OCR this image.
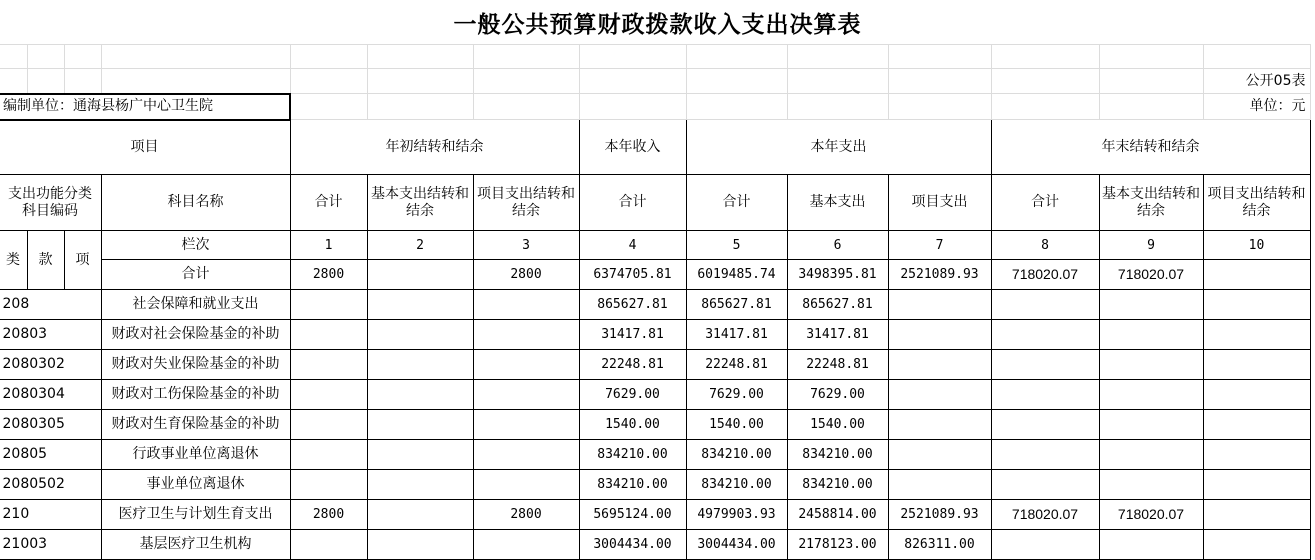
一般公共预算财政拨款收入支出决算表

													公开05表
编制单位：通海县杨广中心卫生院													单位：元
项目				年初结转和结余			本年收入	本年支出			年末结转和结余		
支出功能分类科目编码			科目名称	合计	基本支出结转和结余	项目支出结转和结余	合计	合计	基本支出	项目支出	合计	基本支出结转和结余	项目支出结转和结余
类	款	项	栏次	1	2	3	4	5	6	7	8	9	10
			合计	2800		2800	6374705.81	6019485.74	3498395.81	2521089.93	718020.07	718020.07	
208			社会保障和就业支出				865627.81	865627.81	865627.81				
20803			财政对社会保险基金的补助				31417.81	31417.81	31417.81				
2080302			财政对失业保险基金的补助				22248.81	22248.81	22248.81				
2080304			财政对工伤保险基金的补助				7629.00	7629.00	7629.00				
2080305			财政对生育保险基金的补助				1540.00	1540.00	1540.00				
20805			行政事业单位离退休				834210.00	834210.00	834210.00				
2080502			事业单位离退休				834210.00	834210.00	834210.00				
210			医疗卫生与计划生育支出	2800		2800	5695124.00	4979903.93	2458814.00	2521089.93	718020.07	718020.07	
21003			基层医疗卫生机构				3004434.00	3004434.00	2178123.00	826311.00			
